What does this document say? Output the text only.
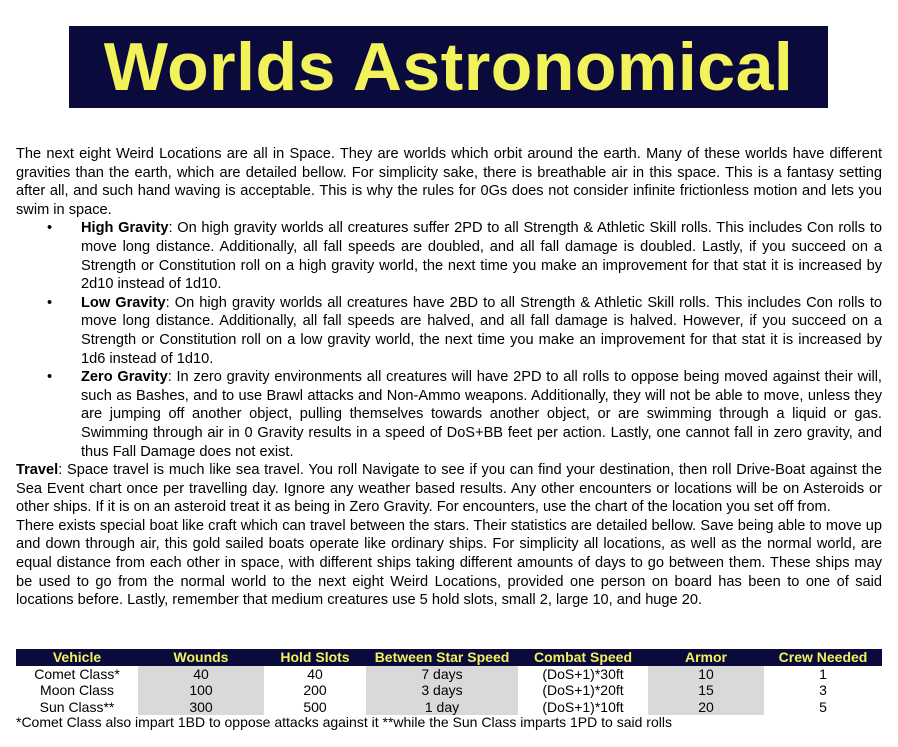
Worlds Astronomical

The next eight Weird Locations are all in Space. They are worlds which orbit around the earth. Many of these worlds have different gravities than the earth, which are detailed bellow. For simplicity sake, there is breathable air in this space. This is a fantasy setting after all, and such hand waving is acceptable. This is why the rules for 0Gs does not consider infinite frictionless motion and lets you swim in space.

• High Gravity: On high gravity worlds all creatures suffer 2PD to all Strength & Athletic Skill rolls. This includes Con rolls to move long distance. Additionally, all fall speeds are doubled, and all fall damage is doubled. Lastly, if you succeed on a Strength or Constitution roll on a high gravity world, the next time you make an improvement for that stat it is increased by 2d10 instead of 1d10.
• Low Gravity: On high gravity worlds all creatures have 2BD to all Strength & Athletic Skill rolls. This includes Con rolls to move long distance. Additionally, all fall speeds are halved, and all fall damage is halved. However, if you succeed on a Strength or Constitution roll on a low gravity world, the next time you make an improvement for that stat it is increased by 1d6 instead of 1d10.
• Zero Gravity: In zero gravity environments all creatures will have 2PD to all rolls to oppose being moved against their will, such as Bashes, and to use Brawl attacks and Non-Ammo weapons. Additionally, they will not be able to move, unless they are jumping off another object, pulling themselves towards another object, or are swimming through a liquid or gas. Swimming through air in 0 Gravity results in a speed of DoS+BB feet per action. Lastly, one cannot fall in zero gravity, and thus Fall Damage does not exist.

Travel: Space travel is much like sea travel. You roll Navigate to see if you can find your destination, then roll Drive-Boat against the Sea Event chart once per travelling day. Ignore any weather based results. Any other encounters or locations will be on Asteroids or other ships. If it is on an asteroid treat it as being in Zero Gravity. For encounters, use the chart of the location you set off from.

There exists special boat like craft which can travel between the stars. Their statistics are detailed bellow. Save being able to move up and down through air, this gold sailed boats operate like ordinary ships. For simplicity all locations, as well as the normal world, are equal distance from each other in space, with different ships taking different amounts of days to go between them. These ships may be used to go from the normal world to the next eight Weird Locations, provided one person on board has been to one of said locations before. Lastly, remember that medium creatures use 5 hold slots, small 2, large 10, and huge 20.

Vehicle	Wounds	Hold Slots	Between Star Speed	Combat Speed	Armor	Crew Needed
Comet Class*	40	40	7 days	(DoS+1)*30ft	10	1
Moon Class	100	200	3 days	(DoS+1)*20ft	15	3
Sun Class**	300	500	1 day	(DoS+1)*10ft	20	5
*Comet Class also impart 1BD to oppose attacks against it **while the Sun Class imparts 1PD to said rolls
